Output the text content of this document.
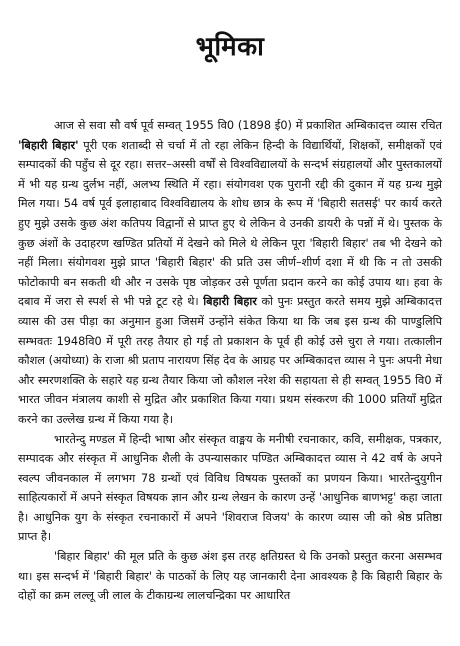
भूमिका

आज से सवा सौ वर्ष पूर्व सम्वत् 1955 वि0 (1898 ई0) में प्रकाशित अम्बिकादत्त व्यास रचित 'बिहारी बिहार' पूरी एक शताब्दी से चर्चा में तो रहा लेकिन हिन्दी के विद्यार्थियों, शिक्षकों, समीक्षकों एवं सम्पादकों की पहुँच से दूर रहा। सत्तर–अस्सी वर्षों से विश्वविद्यालयों के सन्दर्भ संग्रहालयों और पुस्तकालयों में भी यह ग्रन्थ दुर्लभ नहीं, अलभ्य स्थिति में रहा। संयोगवश एक पुरानी रद्दी की दुकान में यह ग्रन्थ मुझे मिल गया। 54 वर्ष पूर्व इलाहाबाद विश्वविद्यालय के शोध छात्र के रूप में 'बिहारी सतसई' पर कार्य करते हुए मुझे उसके कुछ अंश कतिपय विद्वानों से प्राप्त हुए थे लेकिन वे उनकी डायरी के पन्नों में थे। पुस्तक के कुछ अंशों के उदाहरण खण्डित प्रतियों में देखने को मिले थे लेकिन पूरा 'बिहारी बिहार' तब भी देखने को नहीं मिला। संयोगवश मुझे प्राप्त 'बिहारी बिहार' की प्रति उस जीर्ण–शीर्ण दशा में थी कि न तो उसकी फोटोकापी बन सकती थी और न उसके पृष्ठ जोड़कर उसे पूर्णता प्रदान करने का कोई उपाय था। हवा के दबाव में जरा से स्पर्श से भी पन्ने टूट रहे थे। बिहारी बिहार को पुनः प्रस्तुत करते समय मुझे अम्बिकादत्त व्यास की उस पीड़ा का अनुमान हुआ जिसमें उन्होंने संकेत किया था कि जब इस ग्रन्थ की पाण्डुलिपि सम्भवतः 1948वि0 में पूरी तरह तैयार हो गई तो प्रकाशन के पूर्व ही कोई उसे चुरा ले गया। तत्कालीन कौशल (अयोध्या) के राजा श्री प्रताप नारायण सिंह देव के आग्रह पर अम्बिकादत्त व्यास ने पुनः अपनी मेधा और स्मरणशक्ति के सहारे यह ग्रन्थ तैयार किया जो कौशल नरेश की सहायता से ही सम्वत् 1955 वि0 में भारत जीवन मंत्रालय काशी से मुद्रित और प्रकाशित किया गया। प्रथम संस्करण की 1000 प्रतियाँ मुद्रित करने का उल्लेख ग्रन्थ में किया गया है।

भारतेन्दु मण्डल में हिन्दी भाषा और संस्कृत वाङ्मय के मनीषी रचनाकार, कवि, समीक्षक, पत्रकार, सम्पादक और संस्कृत में आधुनिक शैली के उपन्यासकार पण्डित अम्बिकादत्त व्यास ने 42 वर्ष के अपने स्वल्प जीवनकाल में लगभग 78 ग्रन्थों एवं विविध विषयक पुस्तकों का प्रणयन किया। भारतेन्दुयुगीन साहित्यकारों में अपने संस्कृत विषयक ज्ञान और ग्रन्थ लेखन के कारण उन्हें 'आधुनिक बाणभट्ट' कहा जाता है। आधुनिक युग के संस्कृत रचनाकारों में अपने 'शिवराज विजय' के कारण व्यास जी को श्रेष्ठ प्रतिष्ठा प्राप्त है।

'बिहार बिहार' की मूल प्रति के कुछ अंश इस तरह क्षतिग्रस्त थे कि उनको प्रस्तुत करना असम्भव था। इस सन्दर्भ में 'बिहारी बिहार' के पाठकों के लिए यह जानकारी देना आवश्यक है कि बिहारी बिहार के दोहों का क्रम लल्लू जी लाल के टीकाग्रन्थ लालचन्द्रिका पर आधारित
